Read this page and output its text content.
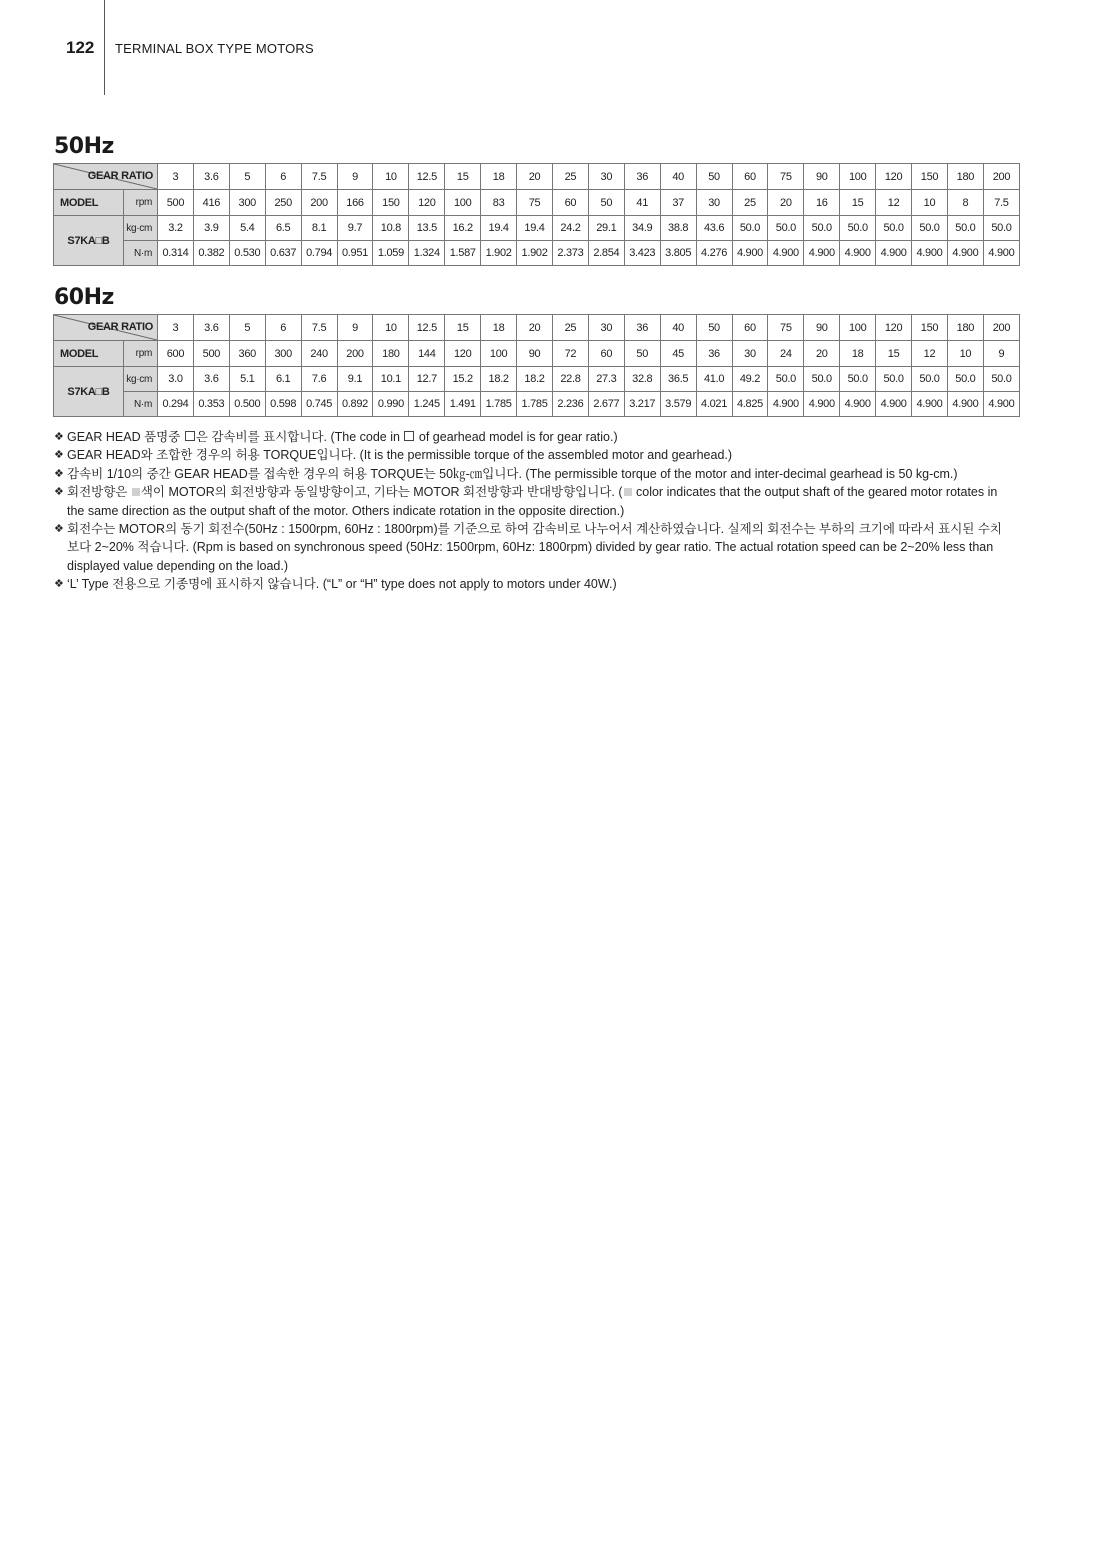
122 TERMINAL BOX TYPE MOTORS
50Hz
GEAR RATIO		3	3.6	5	6	7.5	9	10	12.5	15	18	20	25	30	36	40	50	60	75	90	100	120	150	180	200
MODEL	rpm	500	416	300	250	200	166	150	120	100	83	75	60	50	41	37	30	25	20	16	15	12	10	8	7.5
S7KA□B	kg·cm	3.2	3.9	5.4	6.5	8.1	9.7	10.8	13.5	16.2	19.4	19.4	24.2	29.1	34.9	38.8	43.6	50.0	50.0	50.0	50.0	50.0	50.0	50.0	50.0
	N·m	0.314	0.382	0.530	0.637	0.794	0.951	1.059	1.324	1.587	1.902	1.902	2.373	2.854	3.423	3.805	4.276	4.900	4.900	4.900	4.900	4.900	4.900	4.900	4.900
60Hz
GEAR RATIO		3	3.6	5	6	7.5	9	10	12.5	15	18	20	25	30	36	40	50	60	75	90	100	120	150	180	200
MODEL	rpm	600	500	360	300	240	200	180	144	120	100	90	72	60	50	45	36	30	24	20	18	15	12	10	9
S7KA□B	kg·cm	3.0	3.6	5.1	6.1	7.6	9.1	10.1	12.7	15.2	18.2	18.2	22.8	27.3	32.8	36.5	41.0	49.2	50.0	50.0	50.0	50.0	50.0	50.0	50.0
	N·m	0.294	0.353	0.500	0.598	0.745	0.892	0.990	1.245	1.491	1.785	1.785	2.236	2.677	3.217	3.579	4.021	4.825	4.900	4.900	4.900	4.900	4.900	4.900	4.900
❖ GEAR HEAD 품명중 은 감속비를 표시합니다. (The code in  of gearhead model is for gear ratio.)
❖ GEAR HEAD와 조합한 경우의 허용 TORQUE입니다. (It is the permissible torque of the assembled motor and gearhead.)
❖ 감속비 1/10의 중간 GEAR HEAD를 접속한 경우의 허용 TORQUE는 50㎏-㎝입니다. (The permissible torque of the motor and inter-decimal gearhead is 50 kg-cm.)
❖ 회전방향은 색이 MOTOR의 회전방향과 동일방향이고, 기타는 MOTOR 회전방향과 반대방향입니다. ( color indicates that the output shaft of the geared motor rotates in the same direction as the output shaft of the motor. Others indicate rotation in the opposite direction.)
❖ 회전수는 MOTOR의 동기 회전수(50Hz : 1500rpm, 60Hz : 1800rpm)를 기준으로 하여 감속비로 나누어서 계산하였습니다. 실제의 회전수는 부하의 크기에 따라서 표시된 수치보다 2~20% 적습니다. (Rpm is based on synchronous speed (50Hz: 1500rpm, 60Hz: 1800rpm) divided by gear ratio. The actual rotation speed can be 2~20% less than displayed value depending on the load.)
❖ ‘L’ Type 전용으로 기종명에 표시하지 않습니다. (“L” or “H” type does not apply to motors under 40W.)
